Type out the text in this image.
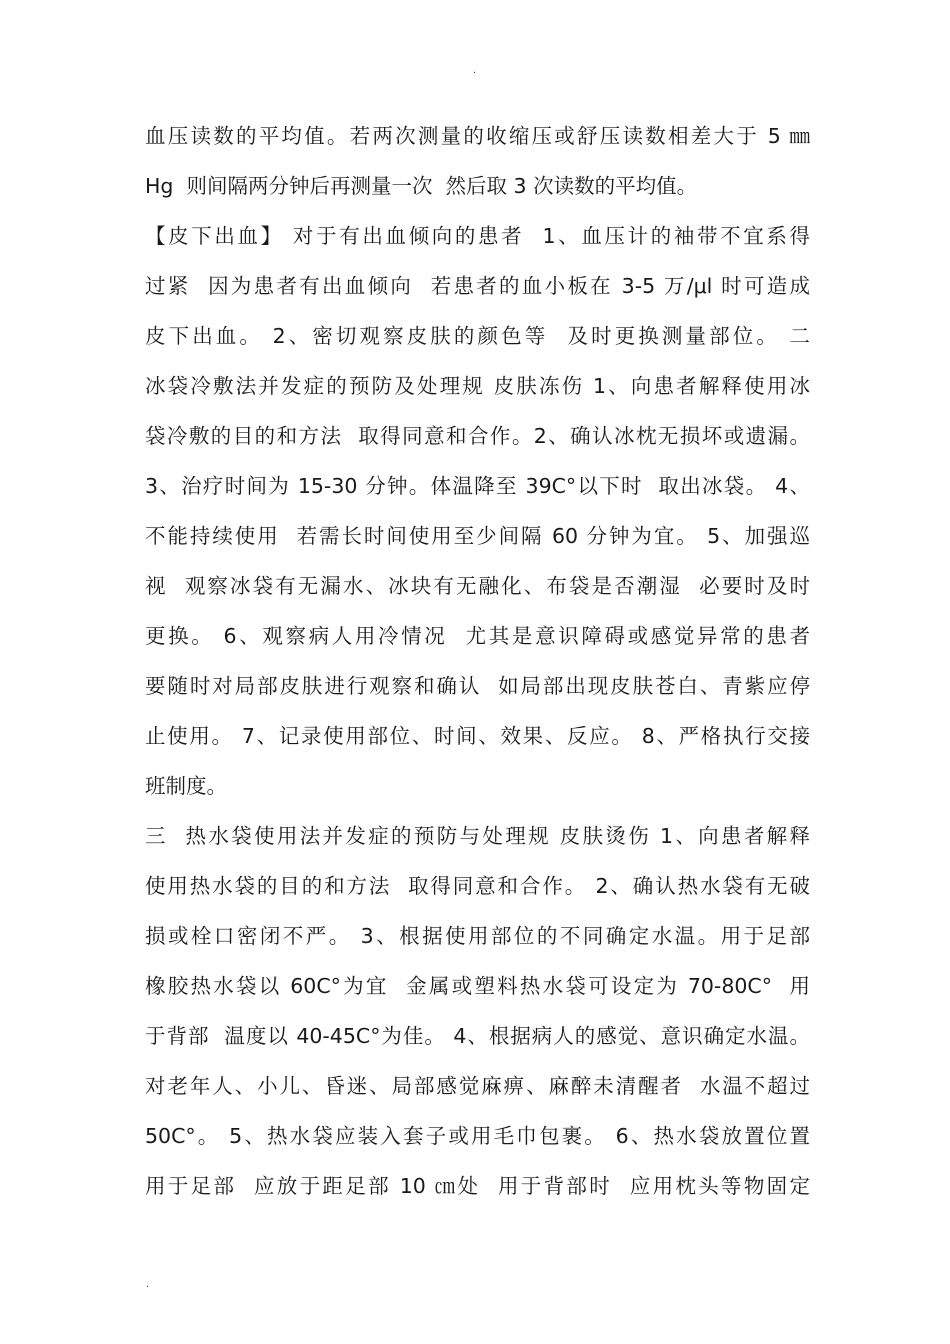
.
血压读数的平均值。若两次测量的收缩压或舒压读数相差大于 5 ㎜
Hg  则间隔两分钟后再测量一次  然后取 3 次读数的平均值。
【皮下出血】 对于有出血倾向的患者  1、血压计的袖带不宜系得
过紧  因为患者有出血倾向  若患者的血小板在 3-5 万/μl 时可造成
皮下出血。 2、密切观察皮肤的颜色等  及时更换测量部位。 二
冰袋冷敷法并发症的预防及处理规 皮肤冻伤 1、向患者解释使用冰
袋冷敷的目的和方法  取得同意和合作。2、确认冰枕无损坏或遗漏。
3、治疗时间为 15-30 分钟。体温降至 39C°以下时  取出冰袋。 4、
不能持续使用  若需长时间使用至少间隔 60 分钟为宜。 5、加强巡
视  观察冰袋有无漏水、冰块有无融化、布袋是否潮湿  必要时及时
更换。 6、观察病人用冷情况  尤其是意识障碍或感觉异常的患者
要随时对局部皮肤进行观察和确认  如局部出现皮肤苍白、青紫应停
止使用。 7、记录使用部位、时间、效果、反应。 8、严格执行交接
班制度。
三  热水袋使用法并发症的预防与处理规 皮肤烫伤 1、向患者解释
使用热水袋的目的和方法  取得同意和合作。 2、确认热水袋有无破
损或栓口密闭不严。 3、根据使用部位的不同确定水温。用于足部
橡胶热水袋以 60C°为宜  金属或塑料热水袋可设定为 70-80C°  用
于背部  温度以 40-45C°为佳。 4、根据病人的感觉、意识确定水温。
对老年人、小儿、昏迷、局部感觉麻痹、麻醉未清醒者  水温不超过
50C°。 5、热水袋应装入套子或用毛巾包裹。 6、热水袋放置位置
用于足部  应放于距足部 10 ㎝处  用于背部时  应用枕头等物固定
.
